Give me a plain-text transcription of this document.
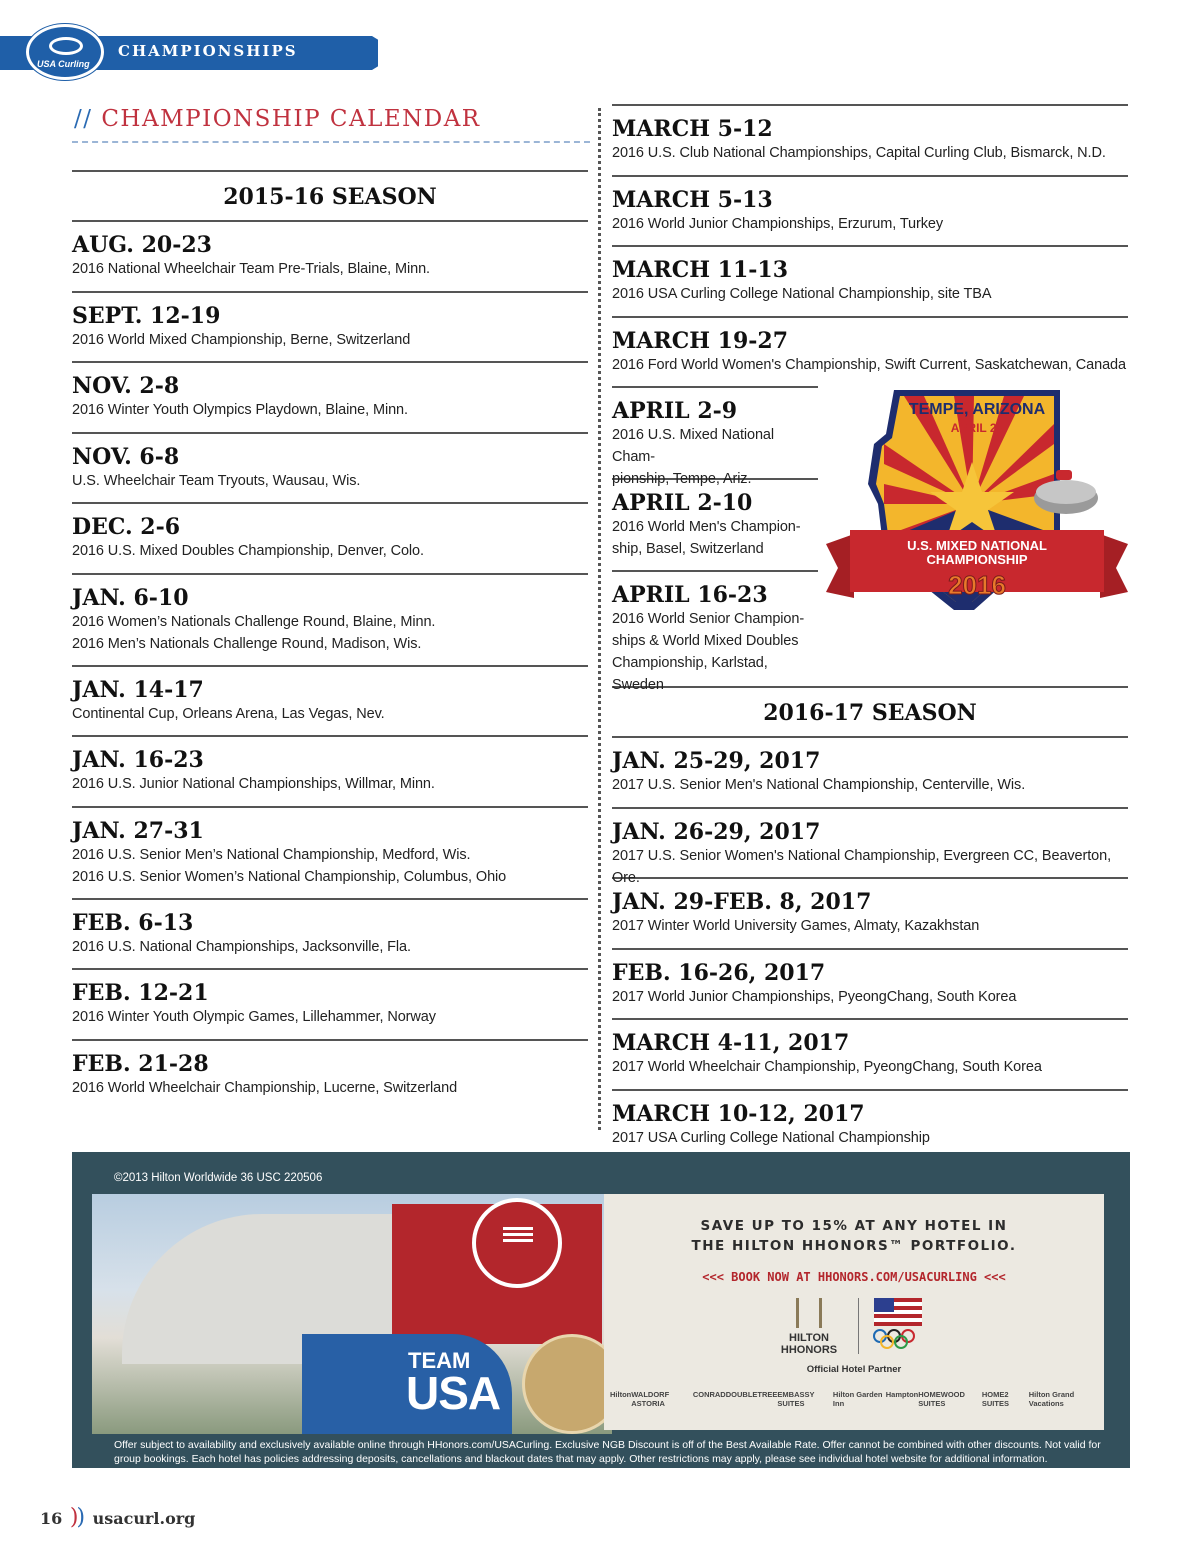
CHAMPIONSHIPS
USA Curling
// CHAMPIONSHIP CALENDAR
2015-16 SEASON
AUG. 20-23
2016 National Wheelchair Team Pre-Trials, Blaine, Minn.
SEPT. 12-19
2016 World Mixed Championship, Berne, Switzerland
NOV. 2-8
2016 Winter Youth Olympics Playdown, Blaine, Minn.
NOV. 6-8
U.S. Wheelchair Team Tryouts, Wausau, Wis.
DEC. 2-6
2016 U.S. Mixed Doubles Championship, Denver, Colo.
JAN. 6-10
2016 Women’s Nationals Challenge Round, Blaine, Minn.
2016 Men’s Nationals Challenge Round, Madison, Wis.
JAN. 14-17
Continental Cup, Orleans Arena, Las Vegas, Nev.
JAN. 16-23
2016 U.S. Junior National Championships, Willmar, Minn.
JAN. 27-31
2016 U.S. Senior Men’s National Championship, Medford, Wis.
2016 U.S. Senior Women’s National Championship, Columbus, Ohio
FEB. 6-13
2016 U.S. National Championships, Jacksonville, Fla.
FEB. 12-21
2016 Winter Youth Olympic Games, Lillehammer, Norway
FEB. 21-28
2016 World Wheelchair Championship, Lucerne, Switzerland
MARCH 5-12
2016 U.S. Club National Championships, Capital Curling Club, Bismarck, N.D.
MARCH 5-13
2016 World Junior Championships, Erzurum, Turkey
MARCH 11-13
2016 USA Curling College National Championship, site TBA
MARCH 19-27
2016 Ford World Women's Championship, Swift Current, Saskatchewan, Canada
APRIL 2-9
2016 U.S. Mixed National Cham-
pionship, Tempe, Ariz.
APRIL 2-10
2016 World Men's Champion-
ship, Basel, Switzerland
APRIL 16-23
2016 World Senior Champion-
ships & World Mixed Doubles
Championship, Karlstad, Sweden
2016-17 SEASON
JAN. 25-29, 2017
2017 U.S. Senior Men's National Championship, Centerville, Wis.
JAN. 26-29, 2017
2017 U.S. Senior Women's National Championship, Evergreen CC, Beaverton, Ore.
JAN. 29-FEB. 8, 2017
2017 Winter World University Games, Almaty, Kazakhstan
FEB. 16-26, 2017
2017 World Junior Championships, PyeongChang, South Korea
MARCH 4-11, 2017
2017 World Wheelchair Championship, PyeongChang, South Korea
MARCH 10-12, 2017
2017 USA Curling College National Championship
TEMPE, ARIZONA
APRIL 2-9
U.S. MIXED NATIONAL
CHAMPIONSHIP
2016
USA CURLING
©2013 Hilton Worldwide 36 USC 220506
TEAM
USA
SAVE UP TO 15% AT ANY HOTEL IN
THE HILTON HHONORS™ PORTFOLIO.
<<< BOOK NOW AT HHONORS.COM/USACURLING <<<
HILTON HHONORS
Official Hotel Partner
Hilton WALDORF ASTORIA
CONRAD DOUBLETREE EMBASSY SUITES
Hilton Garden Inn
Hampton HOMEWOOD SUITES
HOME2 SUITES
Hilton Grand Vacations
Offer subject to availability and exclusively available online through HHonors.com/USACurling. Exclusive NGB Discount is off of the Best Available Rate. Offer cannot be combined with other discounts. Not valid for group bookings. Each hotel has policies addressing deposits, cancellations and blackout dates that may apply. Other restrictions may apply, please see individual hotel website for additional information.
16 )) usacurl.org
